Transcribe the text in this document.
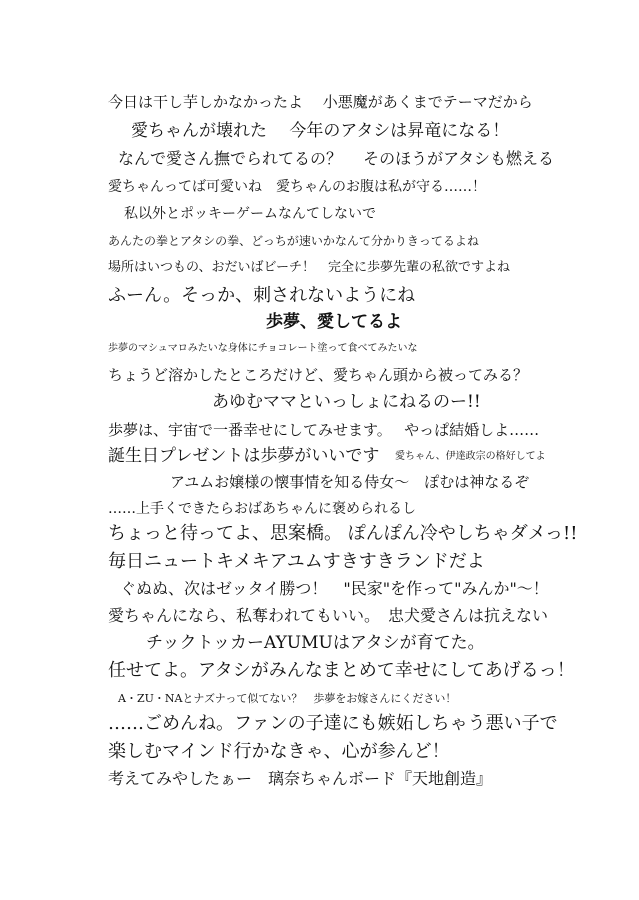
今日は干し芋しかなかったよ　 小悪魔があくまでテーマだから
愛ちゃんが壊れた　 今年のアタシは昇竜になる！
なんで愛さん撫でられてるの？　 そのほうがアタシも燃える
愛ちゃんってば可愛いね　愛ちゃんのお腹は私が守る……！
私以外とポッキーゲームなんてしないで
あんたの拳とアタシの拳、どっちが速いかなんて分かりきってるよね
場所はいつもの、おだいばビーチ！　完全に歩夢先輩の私欲ですよね
ふーん。そっか、刺されないようにね
歩夢、愛してるよ
歩夢のマシュマロみたいな身体にチョコレート塗って食べてみたいな
ちょうど溶かしたところだけど、愛ちゃん頭から被ってみる？
あゆむママといっしょにねるのー!!
歩夢は、宇宙で一番幸せにしてみせます。　 やっぱ結婚しよ……
誕生日プレゼントは歩夢がいいです 愛ちゃん、伊達政宗の格好してよ
アユムお嬢様の懐事情を知る侍女～　ぽむは神なるぞ
……上手くできたらおばあちゃんに褒められるし
ちょっと待ってよ、思案橋。 ぽんぽん冷やしちゃダメっ!!
毎日ニュートキメキアユムすきすきランドだよ
ぐぬぬ、次はゼッタイ勝つ！　"民家"を作って"みんか"～！
愛ちゃんになら、私奪われてもいい。　忠犬愛さんは抗えない
チックトッカーAYUMUはアタシが育てた。
任せてよ。アタシがみんなまとめて幸せにしてあげるっ！
A・ZU・NAとナズナって似てない？　歩夢をお嫁さんにください！
……ごめんね。ファンの子達にも嫉妬しちゃう悪い子で
楽しむマインド行かなきゃ、心が参んど！
考えてみやしたぁー　璃奈ちゃんボード『天地創造』
